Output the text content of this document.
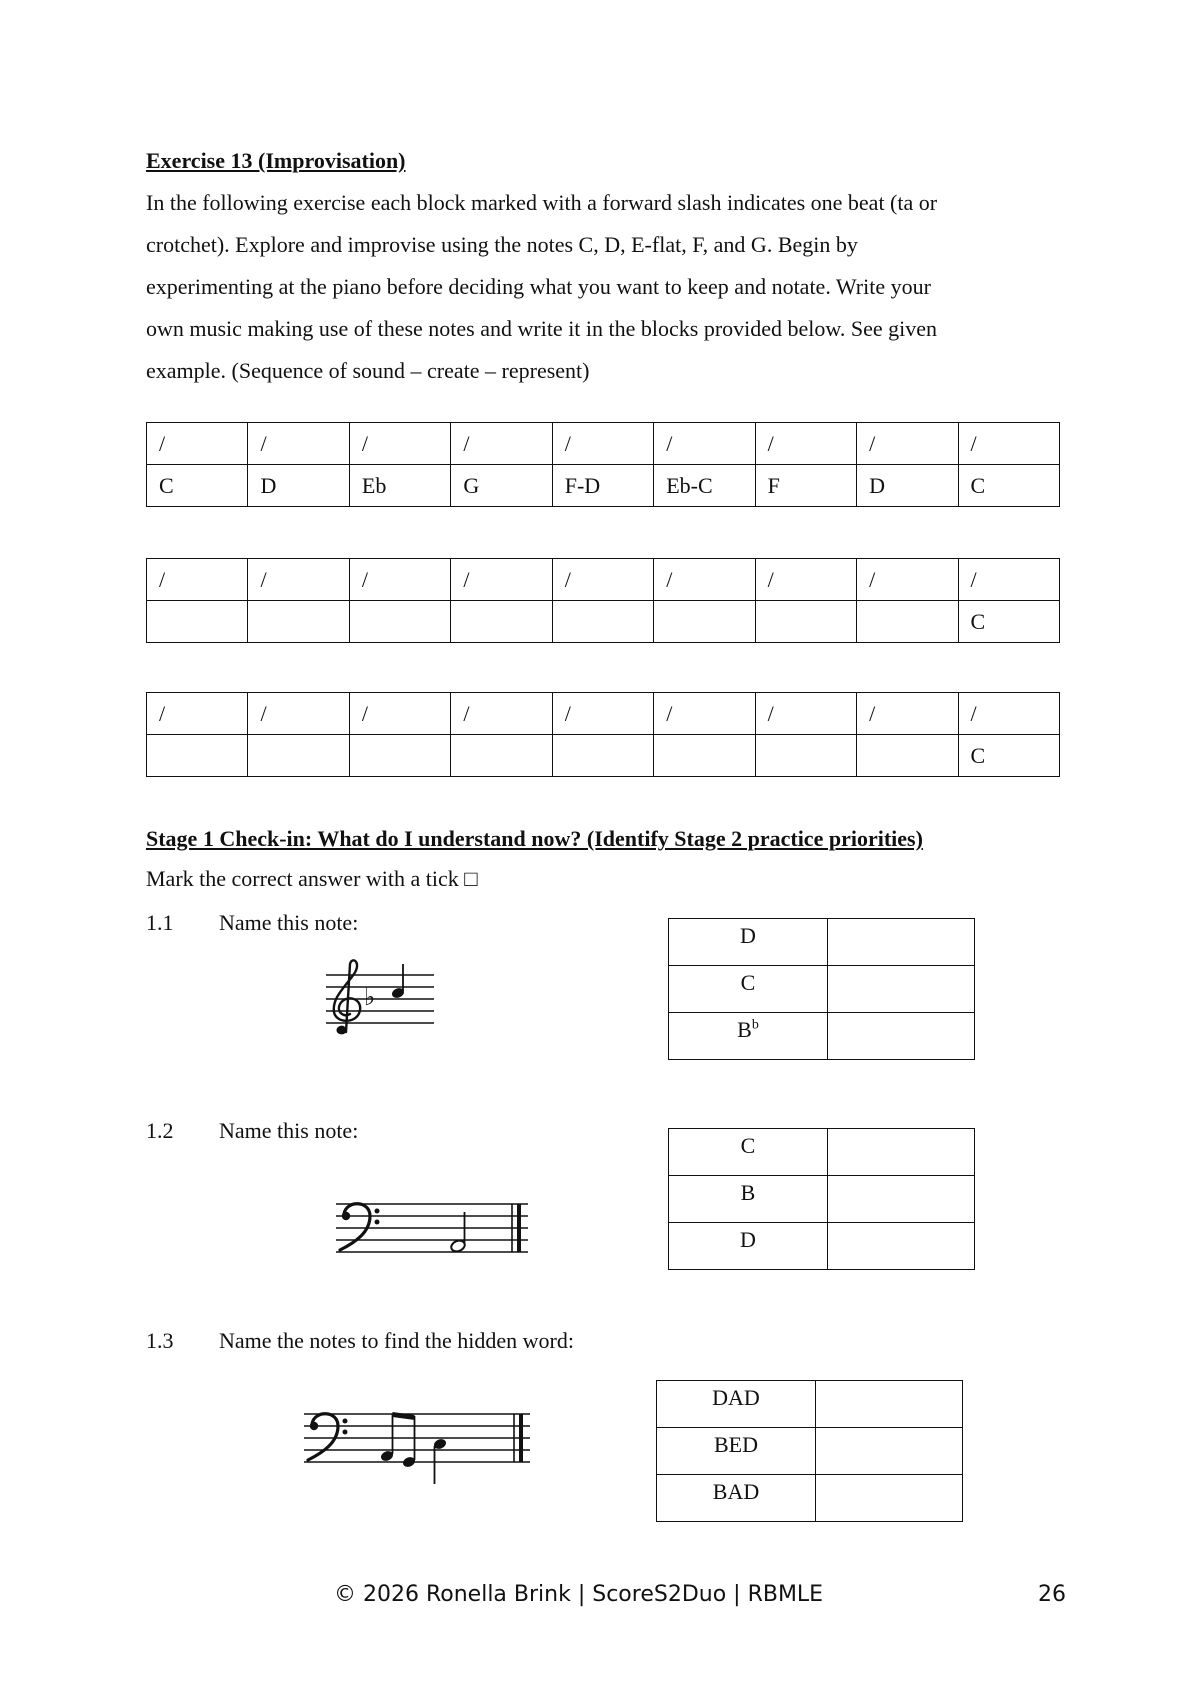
Exercise 13 (Improvisation)
In the following exercise each block marked with a forward slash indicates one beat (ta or
crotchet). Explore and improvise using the notes C, D, E-flat, F, and G. Begin by
experimenting at the piano before deciding what you want to keep and notate. Write your
own music making use of these notes and write it in the blocks provided below. See given
example. (Sequence of sound – create – represent)
/	/	/	/	/	/	/	/	/
C	D	Eb	G	F-D	Eb-C	F	D	C
/	/	/	/	/	/	/	/	/
								C
/	/	/	/	/	/	/	/	/
								C
Stage 1 Check-in: What do I understand now? (Identify Stage 2 practice priorities)
Mark the correct answer with a tick □
1.1 Name this note:
♭
D	
C	
$B^b$	
1.2 Name this note:
C	
B	
D	
1.3 Name the notes to find the hidden word:
DAD	
BED	
BAD	
© 2026 Ronella Brink | ScoreS2Duo | RBMLE	26
